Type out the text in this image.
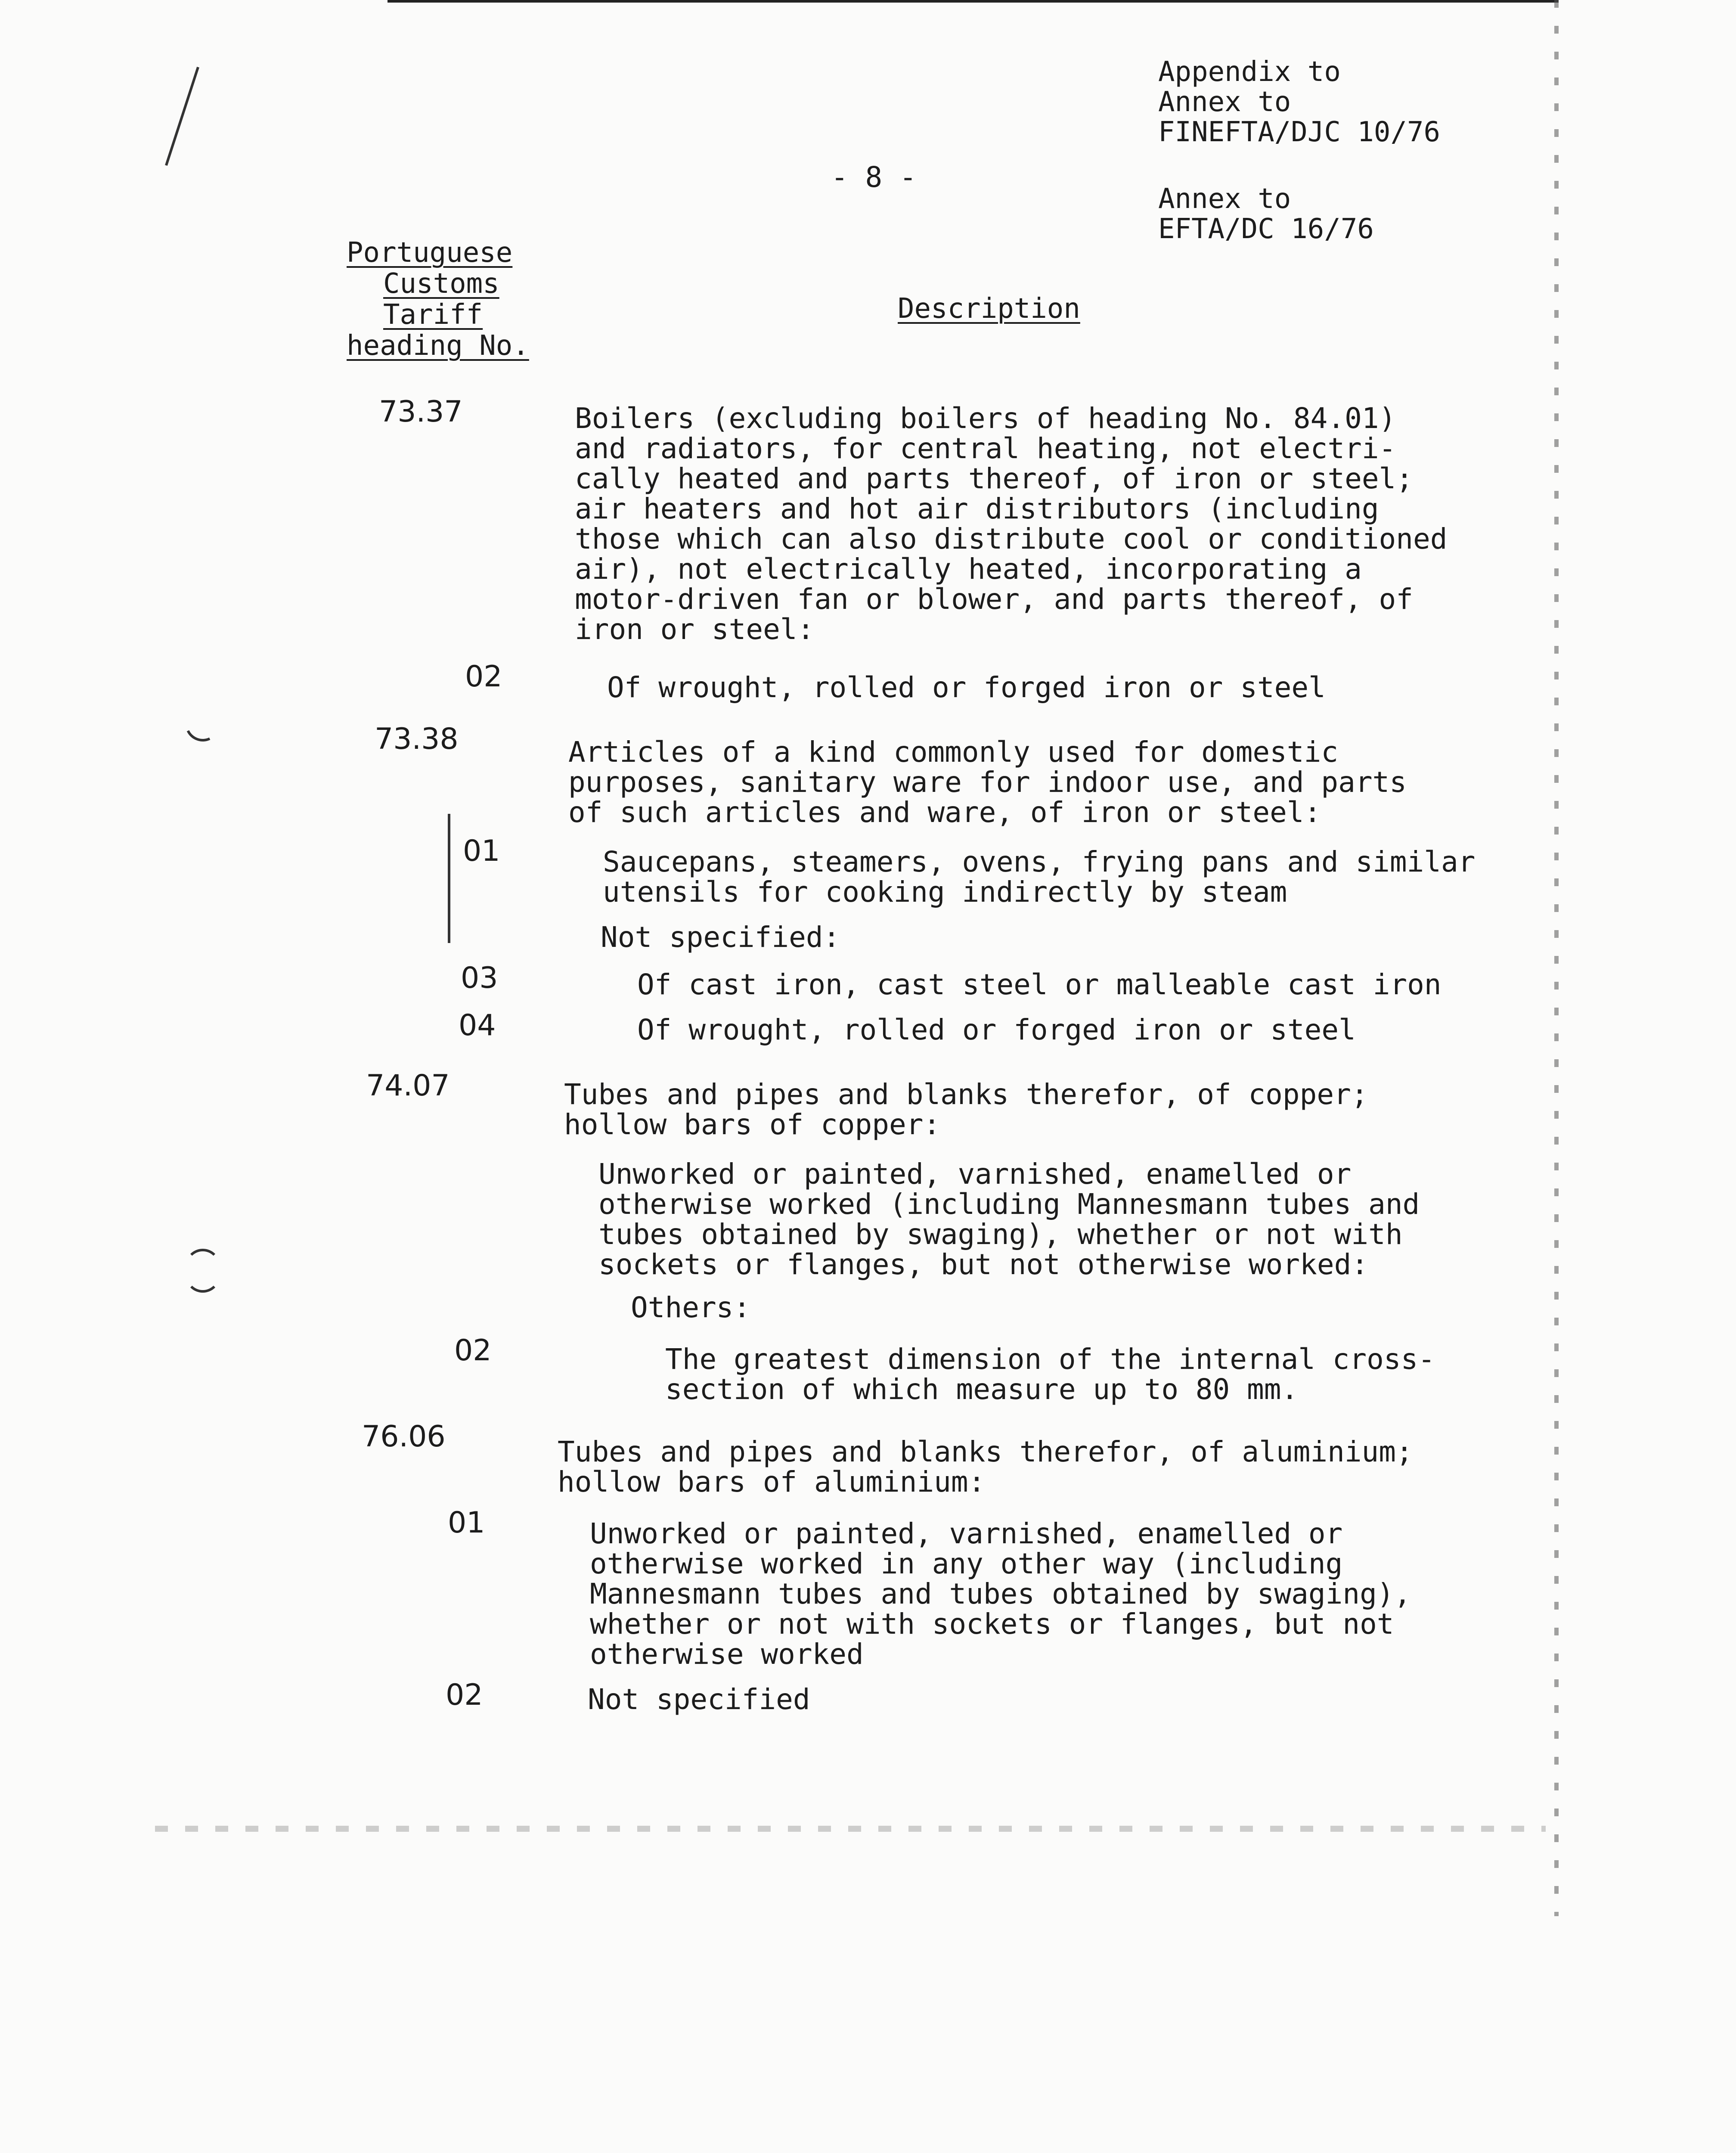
Appendix to
Annex to
FINEFTA/DJC 10/76
Annex to
EFTA/DC 16/76
- 8 -
Portuguese
Customs
Tariff
heading No.
Description
73.37	Boilers (excluding boilers of heading No. 84.01)
and radiators, for central heating, not electri-
cally heated and parts thereof, of iron or steel;
air heaters and hot air distributors (including
those which can also distribute cool or conditioned
air), not electrically heated, incorporating a
motor-driven fan or blower, and parts thereof, of
iron or steel:
02	Of wrought, rolled or forged iron or steel
73.38	Articles of a kind commonly used for domestic
purposes, sanitary ware for indoor use, and parts
of such articles and ware, of iron or steel:
01	Saucepans, steamers, ovens, frying pans and similar
utensils for cooking indirectly by steam
Not specified:
03	Of cast iron, cast steel or malleable cast iron
04	Of wrought, rolled or forged iron or steel
74.07	Tubes and pipes and blanks therefor, of copper;
hollow bars of copper:
Unworked or painted, varnished, enamelled or
otherwise worked (including Mannesmann tubes and
tubes obtained by swaging), whether or not with
sockets or flanges, but not otherwise worked:
Others:
02	The greatest dimension of the internal cross-
section of which measure up to 80 mm.
76.06	Tubes and pipes and blanks therefor, of aluminium;
hollow bars of aluminium:
01	Unworked or painted, varnished, enamelled or
otherwise worked in any other way (including
Mannesmann tubes and tubes obtained by swaging),
whether or not with sockets or flanges, but not
otherwise worked
02	Not specified
